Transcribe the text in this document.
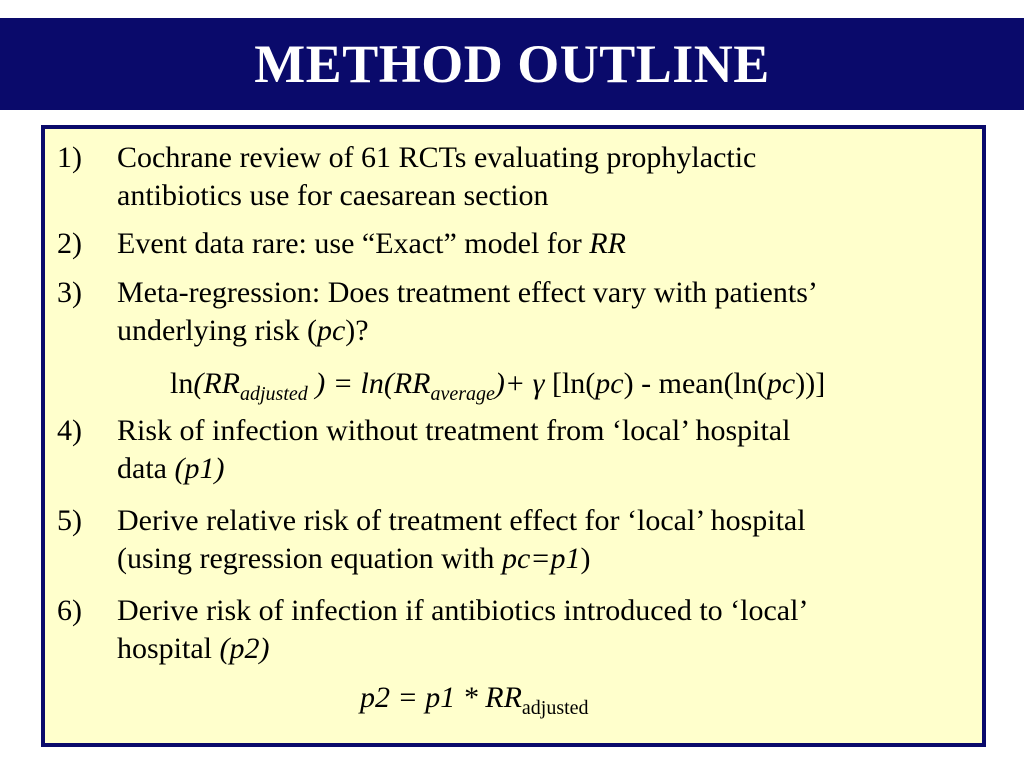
METHOD OUTLINE
1)	Cochrane review of 61 RCTs evaluating prophylactic
antibiotics use for caesarean section
2)	Event data rare: use “Exact” model for RR
3)	Meta-regression: Does treatment effect vary with patients’
underlying risk (pc)?
$\ln(RR_{adjusted}$ ) = $\ln(RR_{average})+ \gamma$ [ln(pc) - mean(ln(pc))]
4)	Risk of infection without treatment from ‘local’ hospital
data (p1)
5)	Derive relative risk of treatment effect for ‘local’ hospital
(using regression equation with pc=p1)
6)	Derive risk of infection if antibiotics introduced to ‘local’
hospital (p2)
$p2 = p1 * RR_{adjusted}$
